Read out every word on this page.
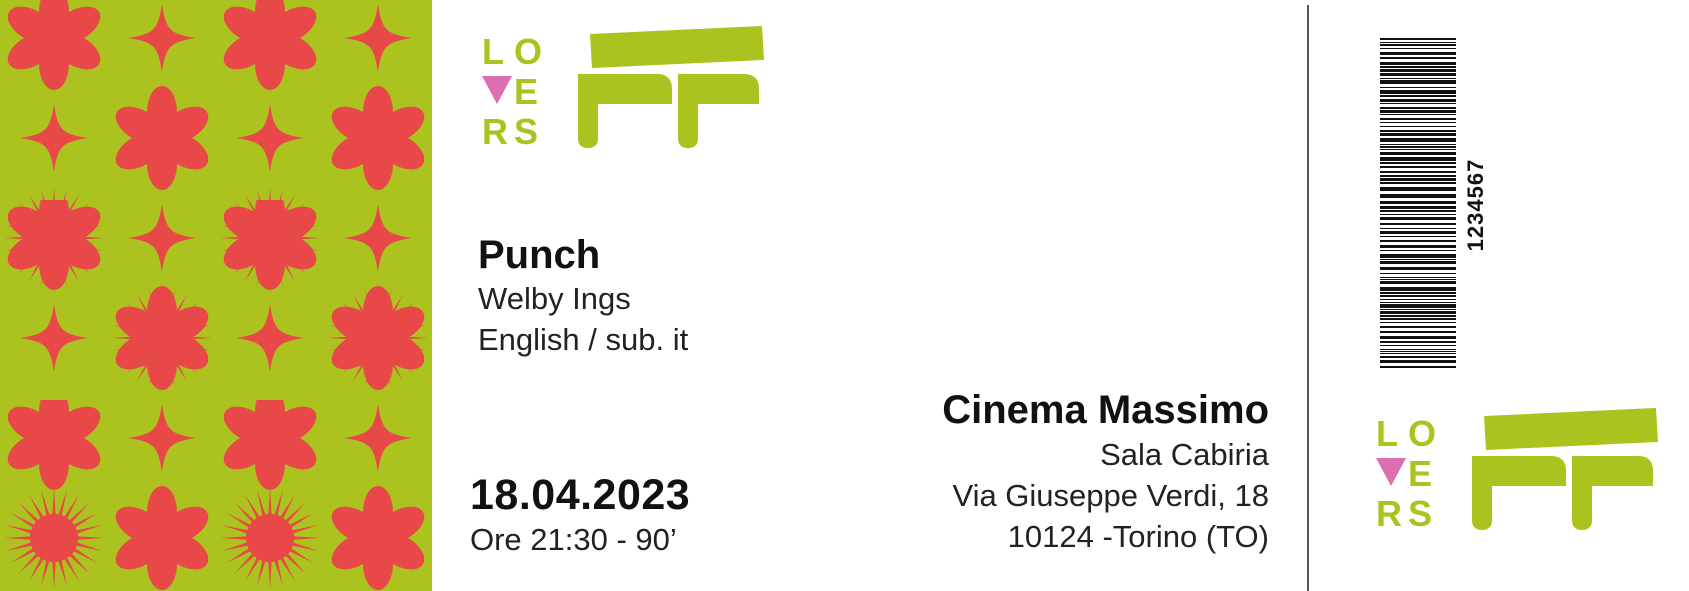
L O
E
R S
Punch
Welby Ings
English / sub. it
18.04.2023
Ore 21:30 - 90’
Cinema Massimo
Sala Cabiria
Via Giuseppe Verdi, 18
10124 -Torino (TO)
1234567
L O
E
R S
